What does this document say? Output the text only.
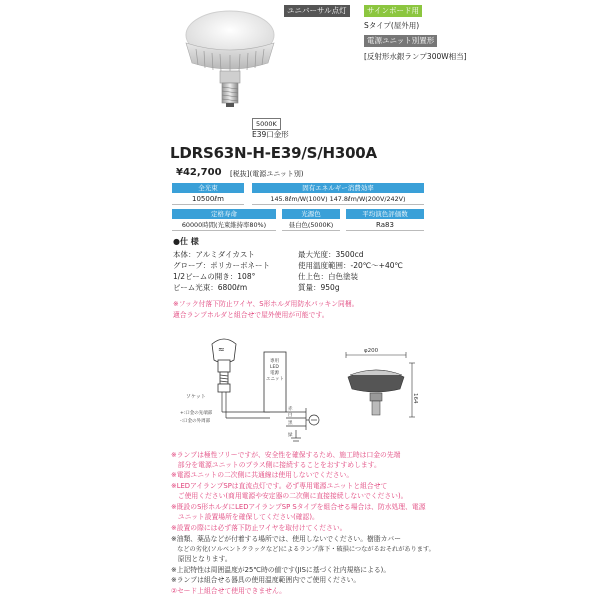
ユニバーサル点灯	サインボード用
Sタイプ(屋外用)
電源ユニット別置形
[反射形水銀ランプ300W相当]
5000K
E39口金形
LDRS63N-H-E39/S/H300A
¥42,700 [税抜](電源ユニット別)
全光束	固有エネルギー消費効率
10500ℓm	145.8ℓm/W(100V) 147.8ℓm/W(200V/242V)
定格寿命	光源色	平均演色評価数
60000時間(光束維持率80%)	昼白色(5000K)	Ra83
●仕 様
本体：アルミダイカスト
グローブ：ポリカーボネート
1/2ビームの開き：108°
ビーム光束：6800ℓm
最大光度：3500cd
使用温度範囲：-20℃〜+40℃
仕上色：白色塗装
質量：950g
※フック付落下防止ワイヤ、S形ホルダ用防水パッキン同梱。
適合ランプホルダと組合せで屋外使用が可能です。
≈
ソケット
+:口金の先端部
-:口金の外周部
専用
LED
電源
ユニット
赤
白
黒
緑
φ200
164
※ランプは極性フリーですが、安全性を確保するため、施工時は口金の先端
　部分を電源ユニットのプラス側に接続することをおすすめします。
※電源ユニットの二次側に共通線は使用しないでください。
※LEDアイランプSPは直流点灯です。必ず専用電源ユニットと組合せて
　ご使用ください(商用電源や安定器の二次側に直接接続しないでください)。
※既設のS形ホルダにLEDアイランプSP Sタイプを組合せる場合は、防水処理、電源
　ユニット設置場所を確保してください(確認)。
※設置の際には必ず落下防止ワイヤを取付けてください。
※油類、薬品などが付着する場所では、使用しないでください。樹脂カバー
　などの劣化(ソルベントクラックなど)によるランプ落下・破損につながるおそれがあります。
　原因となります。
※上記特性は周囲温度が25℃時の値です(JISに基づく社内規格による)。
※ランプは組合せる器具の使用温度範囲内でご使用ください。
②セード上組合せて使用できません。
